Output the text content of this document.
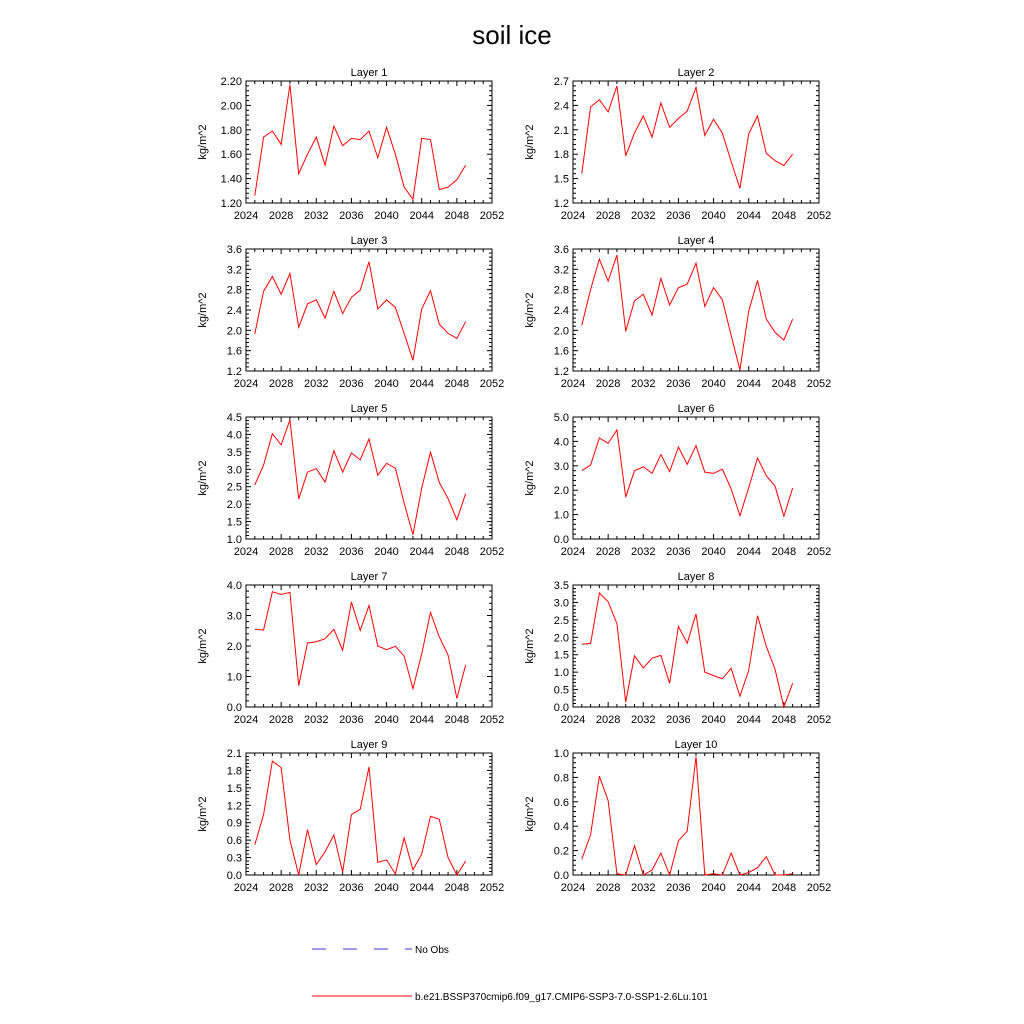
soil ice
Layer 1
kg/m^2
2024 2028 2032 2036 2040 2044 2048 2052
1.20
1.40
1.60
1.80
2.00
2.20
Layer 2
kg/m^2
2024 2028 2032 2036 2040 2044 2048 2052
1.2
1.5
1.8
2.1
2.4
2.7
Layer 3
kg/m^2
2024 2028 2032 2036 2040 2044 2048 2052
1.2
1.6
2.0
2.4
2.8
3.2
3.6
Layer 4
kg/m^2
2024 2028 2032 2036 2040 2044 2048 2052
1.2
1.6
2.0
2.4
2.8
3.2
3.6
Layer 5
kg/m^2
2024 2028 2032 2036 2040 2044 2048 2052
1.0
1.5
2.0
2.5
3.0
3.5
4.0
4.5
Layer 6
kg/m^2
2024 2028 2032 2036 2040 2044 2048 2052
0.0
1.0
2.0
3.0
4.0
5.0
Layer 7
kg/m^2
2024 2028 2032 2036 2040 2044 2048 2052
0.0
1.0
2.0
3.0
4.0
Layer 8
kg/m^2
2024 2028 2032 2036 2040 2044 2048 2052
0.0
0.5
1.0
1.5
2.0
2.5
3.0
3.5
Layer 9
kg/m^2
2024 2028 2032 2036 2040 2044 2048 2052
0.0
0.3
0.6
0.9
1.2
1.5
1.8
2.1
Layer 10
kg/m^2
2024 2028 2032 2036 2040 2044 2048 2052
0.0
0.2
0.4
0.6
0.8
1.0
No Obs
b.e21.BSSP370cmip6.f09_g17.CMIP6-SSP3-7.0-SSP1-2.6Lu.101
